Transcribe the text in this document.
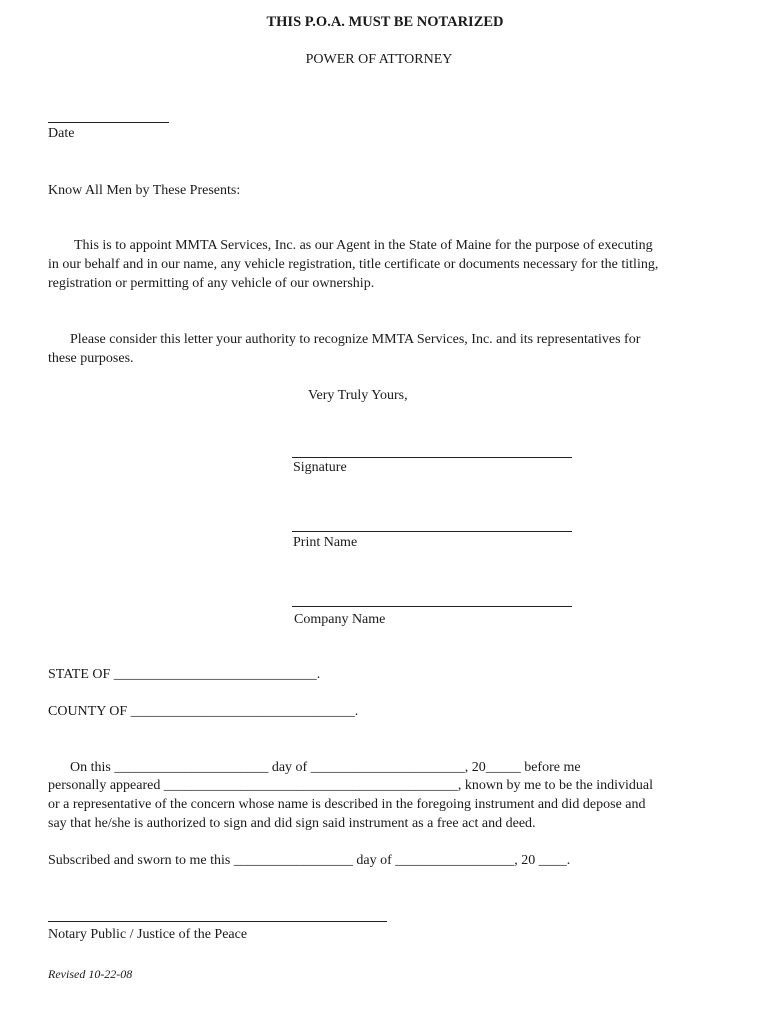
THIS P.O.A. MUST BE NOTARIZED
POWER OF ATTORNEY
Date
Know All Men by These Presents:
This is to appoint MMTA Services, Inc. as our Agent in the State of Maine for the purpose of executing
in our behalf and in our name, any vehicle registration, title certificate or documents necessary for the titling,
registration or permitting of any vehicle of our ownership.
Please consider this letter your authority to recognize MMTA Services, Inc. and its representatives for
these purposes.
Very Truly Yours,
Signature
Print Name
Company Name
STATE OF _____________________________.
COUNTY OF ________________________________.
On this ______________________ day of ______________________, 20_____ before me
personally appeared __________________________________________, known by me to be the individual
or a representative of the concern whose name is described in the foregoing instrument and did depose and
say that he/she is authorized to sign and did sign said instrument as a free act and deed.
Subscribed and sworn to me this _________________ day of _________________, 20 ____.
Notary Public / Justice of the Peace
Revised 10-22-08
